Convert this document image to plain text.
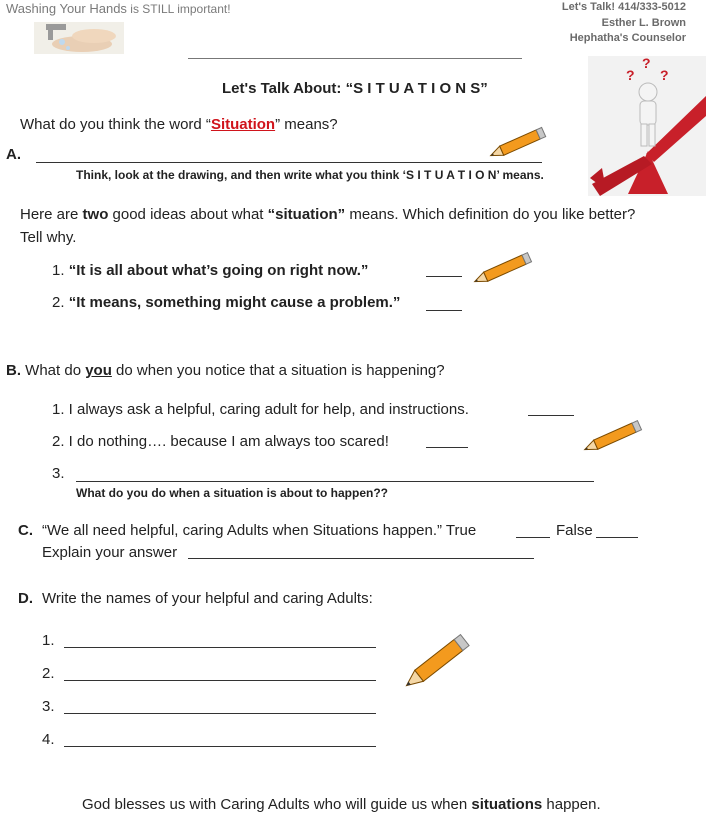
Washing Your Hands is STILL important!	Let's Talk! 414/333-5012
Esther L. Brown
Hephatha's Counselor
Let's Talk About: “S I T U A T I O N S”
?
?
?
What do you think the word “Situation” means?
A.
Think, look at the drawing, and then write what you think ‘S I T U A T I O N’ means.
Here are two good ideas about what “situation” means. Which definition do you like better?
Tell why.
1. “It is all about what’s going on right now.”
2. “It means, something might cause a problem.”
B. What do you do when you notice that a situation is happening?
1. I always ask a helpful, caring adult for help, and instructions.
2. I do nothing…. because I am always too scared!
3.
What do you do when a situation is about to happen??
C. “We all need helpful, caring Adults when Situations happen.” True	False
Explain your answer
D. Write the names of your helpful and caring Adults:
1.
2.
3.
4.
God blesses us with Caring Adults who will guide us when situations happen.
